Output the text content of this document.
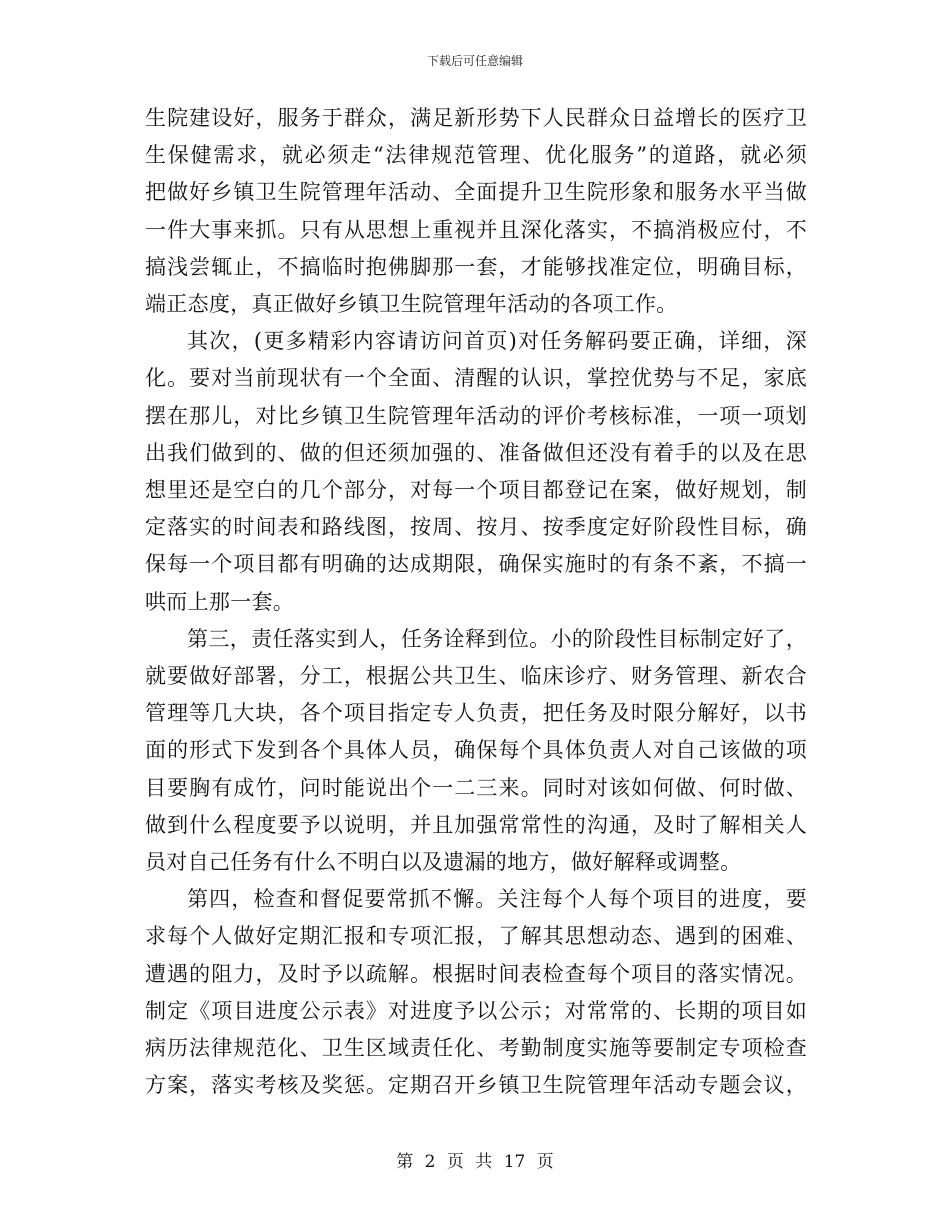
下载后可任意编辑

生院建设好，服务于群众，满足新形势下人民群众日益增长的医疗卫
生保健需求，就必须走“法律规范管理、优化服务”的道路，就必须
把做好乡镇卫生院管理年活动、全面提升卫生院形象和服务水平当做
一件大事来抓。只有从思想上重视并且深化落实，不搞消极应付，不
搞浅尝辄止，不搞临时抱佛脚那一套，才能够找准定位，明确目标，
端正态度，真正做好乡镇卫生院管理年活动的各项工作。

其次，(更多精彩内容请访问首页)对任务解码要正确，详细，深
化。要对当前现状有一个全面、清醒的认识，掌控优势与不足，家底
摆在那儿，对比乡镇卫生院管理年活动的评价考核标准，一项一项划
出我们做到的、做的但还须加强的、准备做但还没有着手的以及在思
想里还是空白的几个部分，对每一个项目都登记在案，做好规划，制
定落实的时间表和路线图，按周、按月、按季度定好阶段性目标，确
保每一个项目都有明确的达成期限，确保实施时的有条不紊，不搞一
哄而上那一套。

第三，责任落实到人，任务诠释到位。小的阶段性目标制定好了，
就要做好部署，分工，根据公共卫生、临床诊疗、财务管理、新农合
管理等几大块，各个项目指定专人负责，把任务及时限分解好，以书
面的形式下发到各个具体人员，确保每个具体负责人对自己该做的项
目要胸有成竹，问时能说出个一二三来。同时对该如何做、何时做、
做到什么程度要予以说明，并且加强常常性的沟通，及时了解相关人
员对自己任务有什么不明白以及遗漏的地方，做好解释或调整。

第四，检查和督促要常抓不懈。关注每个人每个项目的进度，要
求每个人做好定期汇报和专项汇报，了解其思想动态、遇到的困难、
遭遇的阻力，及时予以疏解。根据时间表检查每个项目的落实情况。
制定《项目进度公示表》对进度予以公示；对常常的、长期的项目如
病历法律规范化、卫生区域责任化、考勤制度实施等要制定专项检查
方案，落实考核及奖惩。定期召开乡镇卫生院管理年活动专题会议，

第 2 页 共 17 页
